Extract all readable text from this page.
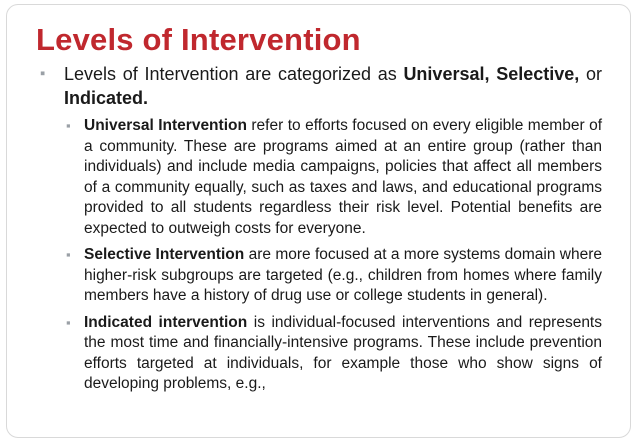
Levels of Intervention
▪ Levels of Intervention are categorized as Universal, Selective, or Indicated.
▪ Universal Intervention refer to efforts focused on every eligible member of a community. These are programs aimed at an entire group (rather than individuals) and include media campaigns, policies that affect all members of a community equally, such as taxes and laws, and educational programs provided to all students regardless their risk level. Potential benefits are expected to outweigh costs for everyone.
▪ Selective Intervention are more focused at a more systems domain where higher-risk subgroups are targeted (e.g., children from homes where family members have a history of drug use or college students in general).
▪ Indicated intervention is individual-focused interventions and represents the most time and financially-intensive programs. These include prevention efforts targeted at individuals, for example those who show signs of developing problems, e.g.,
